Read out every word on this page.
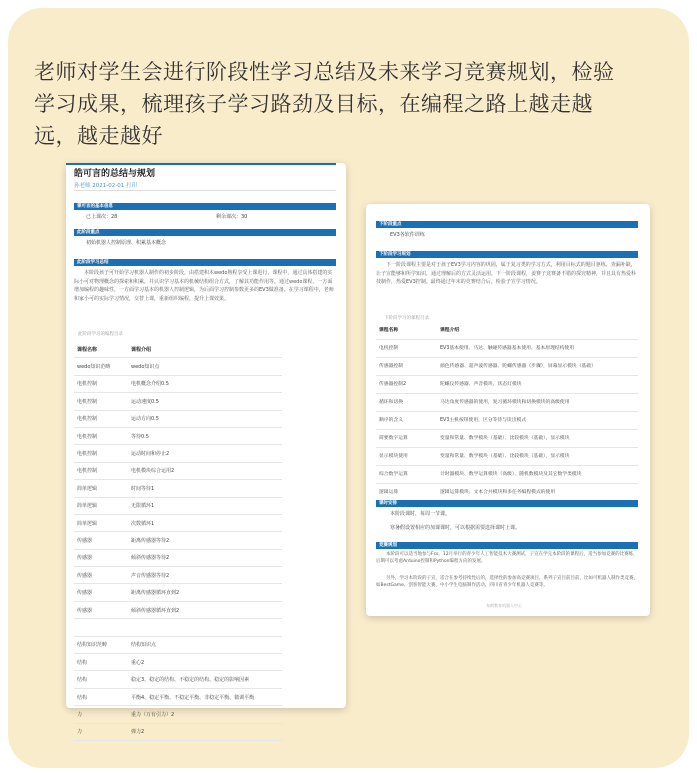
老师对学生会进行阶段性学习总结及未来学习竞赛规划，检验学习成果，梳理孩子学习路劲及目标，在编程之路上越走越远，越走越好
皓可言的总结与规划
孙老师 2021-02-01 打印
课可言的基本信息
已上课次：28	剩余课次：30
此阶段重点
初始机器人控制原理、积累基本概念
此阶段学习总结
本阶段孩子可开始学习机器人制作的初步阶段，由搭建积木wedo熟程享受上课进行，课程中，通过具体搭建的实际小可对物理概念的探索和积累，并认识学习基本的机械结构组合方式，了解其功能作用等。通过wedo课程，一方面增加编程的趣味性，一方面学习基本的机器人控制逻辑，为后面学习控制参数更多的EV3做准备。在学习课程中，老师和家小可的实际学习情况，交替上课，重新组织编程，提升上课效果。
此阶段学习的编程目录
课程名称	课程介绍
wedo知识范畴	wedo知识点
电机控制	电机概念介绍0.5
电机控制	运动速度0.5
电机控制	运动方向0.5
电机控制	等待0.5
电机控制	运动时间和停止2
电机控制	电机模块综合运用2
简单逻辑	时间等待1
简单逻辑	无限循环1
简单逻辑	次数循环1
传感器	距离传感器等待2
传感器	倾斜传感器等待2
传感器	声音传感器等待2
传感器	距离传感器循环直到2
传感器	倾斜传感器循环直到2

结构知识范畴	结构知识点
结构	重心2
结构	稳定3、稳定的结构、不稳定的结构、稳定的影响因素
结构	平衡4、稳定平衡、不稳定平衡、非稳定平衡、微调平衡
力	重力（万有引力）2
力	弹力2
下阶段重点
EV3各软件训练
下阶段学习规划
下一阶段课程主要是对于孩子EV3学习内容的巩固，属于复习类的学习方式，利用目标式的题目驱练，查漏补缺，让子宣能够和所学知识，通过理解后的方式灵活运用。下一阶段课程，姜赛子竞赛备不错的探究精神，并且具有热爱科技制作，热爱EV3控制。最终通过年末的竞赛结合后，检验子宣学习情况。
下阶段学习的课程目录
课程名称	课程介绍
电机控制	EV3基本使用、马达、触碰传感器基本使用、基本原理结构使用
传感器控制	颜色传感器、超声波传感器、陀螺传感器（步骤），屏幕显示模块（基础）
传感器控制2	陀螺仪传感器、声音模块、状态灯模块
循环和切换	马达角度传感器的使用，复习循环模块和切换模块的高级使用
顺序的含义	EV3主机按钮使用，区分等待与读出模式
简要数字运算	变量和常量、数学模块（基础）、比较模块（基础），显示模块
显示模块使用	变量和常量、数学模块（基础）、比较模块（基础），显示模块
综合数学运算	计时器模块、数学运算模块（高级）、随机数模块及其它数学类模块
逻辑运算	逻辑运算模块、文本合并模块和多任务编程模式的使用
课时安排
本阶段课时，每周一节课。
寒暑假设置相应的加课课时，可以根据需要选择课时上课。
竞赛规划
本阶段可以适当地参与Fcs，12月举行的青少年人工智能技术大赛测试，子宣在学完本阶段的课程后，适当参加竞赛的比赛练，后期可以考虑Arduino控制和Python编程方向的发展。
另外，学习本阶段的子宣，适合在参考持续性后的，选择性的参加高竞赛项目，系列子宣目前目前，比如可机器人制作类竞赛，如BestGame、创客智能大赛、中小学生电脑制作活动、四川省青少年机器人竞赛等。
布朗教育机器人中心
